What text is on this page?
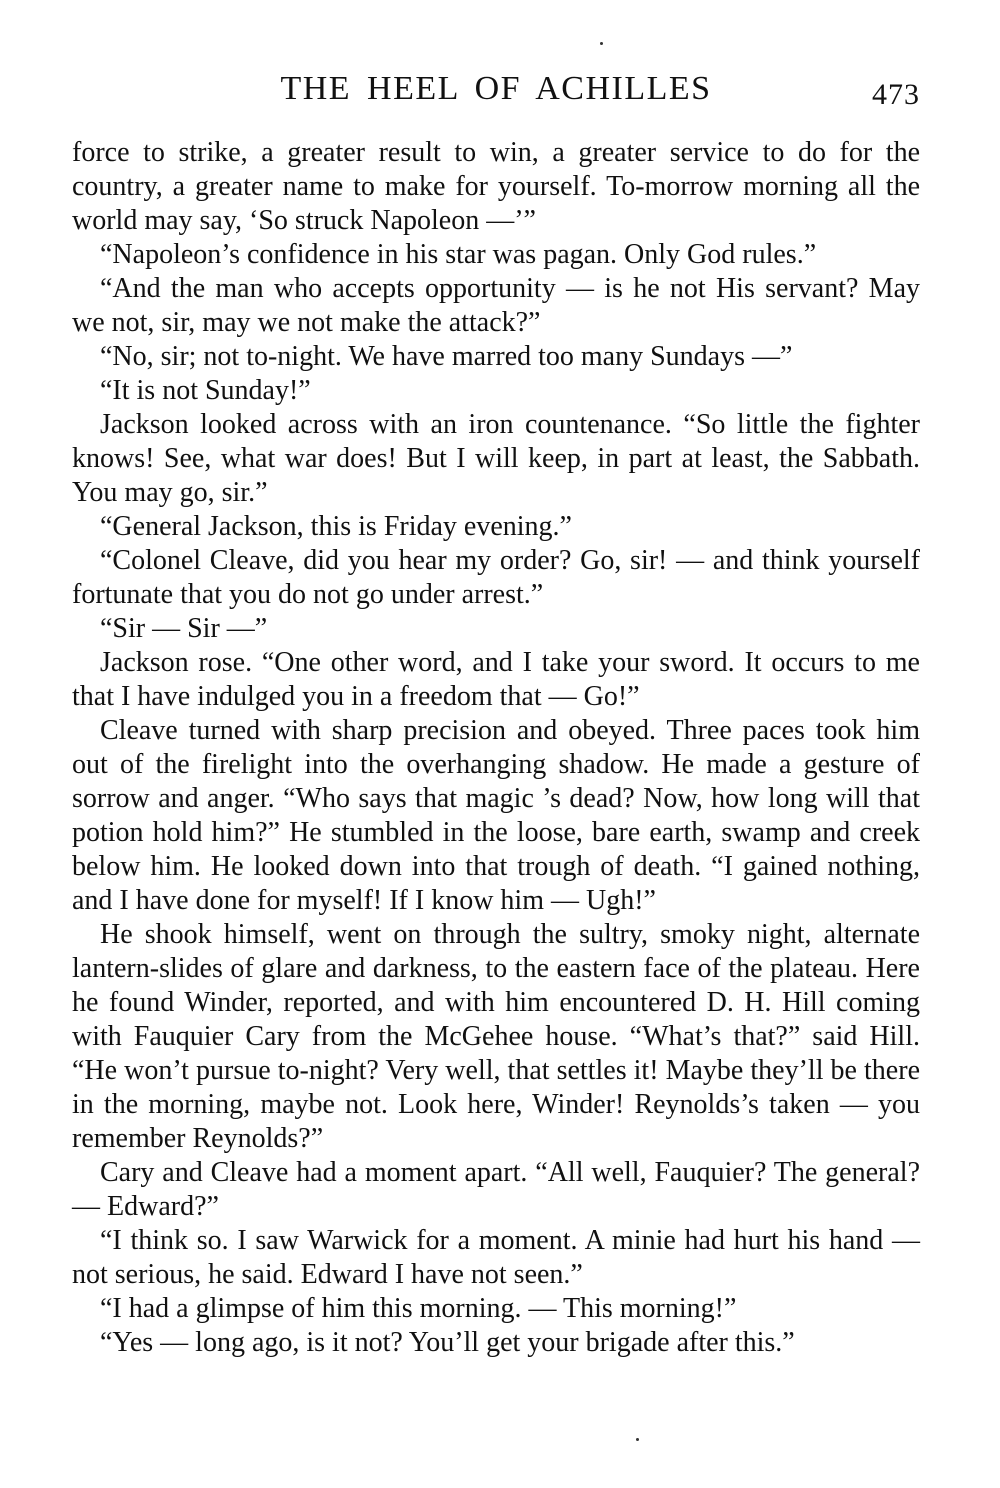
THE HEEL OF ACHILLES	473

force to strike, a greater result to win, a greater service to do for the country, a greater name to make for yourself. To-morrow morning all the world may say, ‘So struck Napoleon —’”

“Napoleon’s confidence in his star was pagan. Only God rules.”

“And the man who accepts opportunity — is he not His servant? May we not, sir, may we not make the attack?”

“No, sir; not to-night. We have marred too many Sundays —”

“It is not Sunday!”

Jackson looked across with an iron countenance. “So little the fighter knows! See, what war does! But I will keep, in part at least, the Sabbath. You may go, sir.”

“General Jackson, this is Friday evening.”

“Colonel Cleave, did you hear my order? Go, sir! — and think yourself fortunate that you do not go under arrest.”

“Sir — Sir —”

Jackson rose. “One other word, and I take your sword. It occurs to me that I have indulged you in a freedom that — Go!”

Cleave turned with sharp precision and obeyed. Three paces took him out of the firelight into the overhanging shadow. He made a gesture of sorrow and anger. “Who says that magic ’s dead? Now, how long will that potion hold him?” He stumbled in the loose, bare earth, swamp and creek below him. He looked down into that trough of death. “I gained nothing, and I have done for myself! If I know him — Ugh!”

He shook himself, went on through the sultry, smoky night, alternate lantern-slides of glare and darkness, to the eastern face of the plateau. Here he found Winder, reported, and with him encountered D. H. Hill coming with Fauquier Cary from the McGehee house. “What’s that?” said Hill. “He won’t pursue to-night? Very well, that settles it! Maybe they’ll be there in the morning, maybe not. Look here, Winder! Reynolds’s taken — you remember Reynolds?”

Cary and Cleave had a moment apart. “All well, Fauquier? The general? — Edward?”

“I think so. I saw Warwick for a moment. A minie had hurt his hand — not serious, he said. Edward I have not seen.”

“I had a glimpse of him this morning. — This morning!”

“Yes — long ago, is it not? You’ll get your brigade after this.”
